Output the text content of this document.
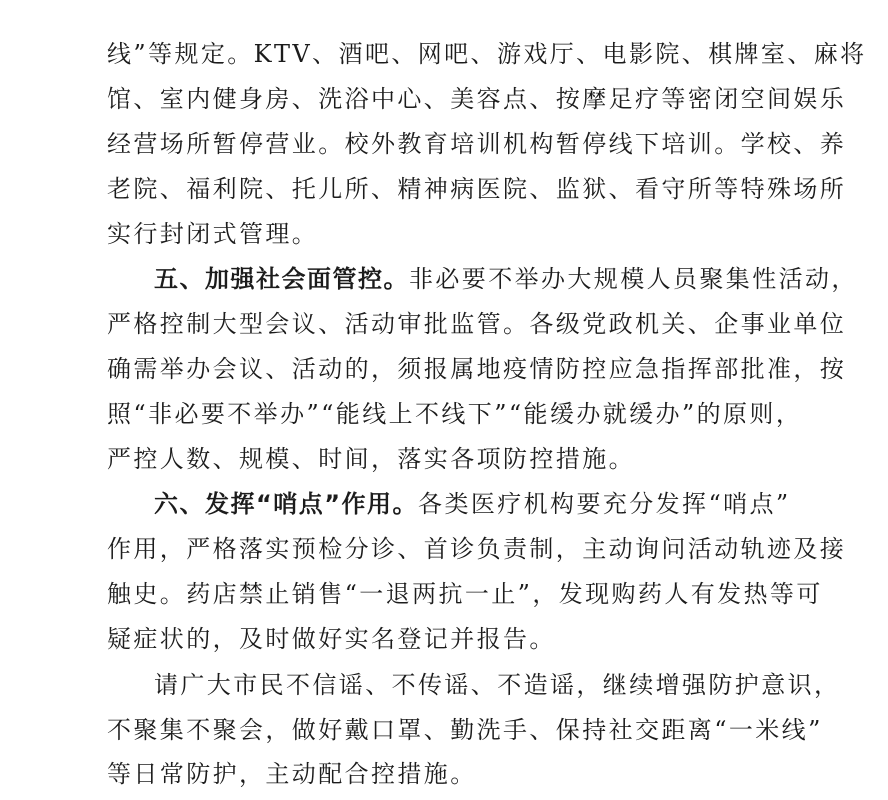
线”等规定。KTV、酒吧、网吧、游戏厅、电影院、棋牌室、麻将
馆、室内健身房、洗浴中心、美容点、按摩足疗等密闭空间娱乐
经营场所暂停营业。校外教育培训机构暂停线下培训。学校、养
老院、福利院、托儿所、精神病医院、监狱、看守所等特殊场所
实行封闭式管理。
五、加强社会面管控。非必要不举办大规模人员聚集性活动，
严格控制大型会议、活动审批监管。各级党政机关、企事业单位
确需举办会议、活动的，须报属地疫情防控应急指挥部批准，按
照“非必要不举办”“能线上不线下”“能缓办就缓办”的原则，
严控人数、规模、时间，落实各项防控措施。
六、发挥“哨点”作用。各类医疗机构要充分发挥“哨点”
作用，严格落实预检分诊、首诊负责制，主动询问活动轨迹及接
触史。药店禁止销售“一退两抗一止”，发现购药人有发热等可
疑症状的，及时做好实名登记并报告。
请广大市民不信谣、不传谣、不造谣，继续增强防护意识，
不聚集不聚会，做好戴口罩、勤洗手、保持社交距离“一米线”
等日常防护，主动配合控措施。
